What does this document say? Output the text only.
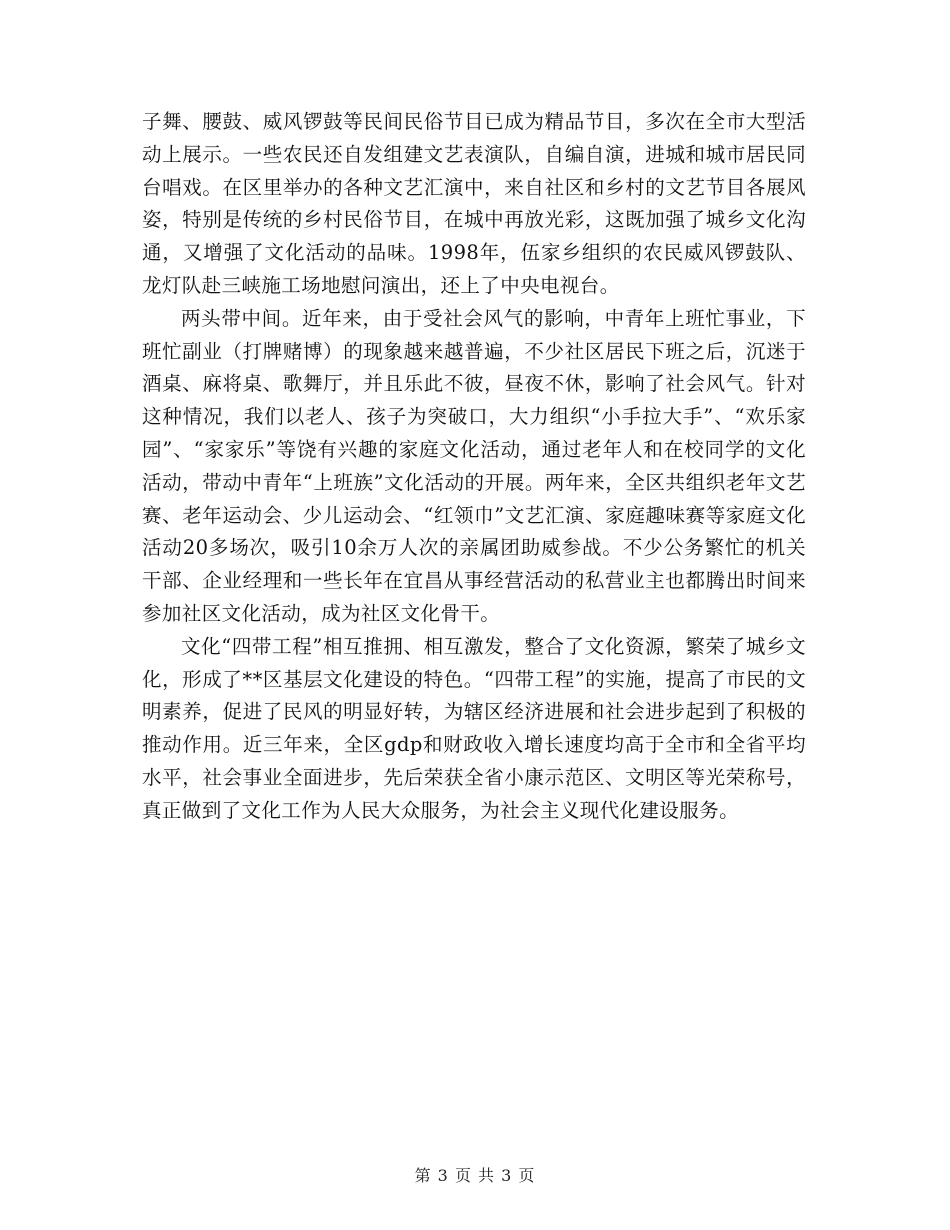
子舞、腰鼓、威风锣鼓等民间民俗节目已成为精品节目，多次在全市大型活动上展示。一些农民还自发组建文艺表演队，自编自演，进城和城市居民同台唱戏。在区里举办的各种文艺汇演中，来自社区和乡村的文艺节目各展风姿，特别是传统的乡村民俗节目，在城中再放光彩，这既加强了城乡文化沟通，又增强了文化活动的品味。1998年，伍家乡组织的农民威风锣鼓队、龙灯队赴三峡施工场地慰问演出，还上了中央电视台。

两头带中间。近年来，由于受社会风气的影响，中青年上班忙事业，下班忙副业（打牌赌博）的现象越来越普遍，不少社区居民下班之后，沉迷于酒桌、麻将桌、歌舞厅，并且乐此不彼，昼夜不休，影响了社会风气。针对这种情况，我们以老人、孩子为突破口，大力组织“小手拉大手”、“欢乐家园”、“家家乐”等饶有兴趣的家庭文化活动，通过老年人和在校同学的文化活动，带动中青年“上班族”文化活动的开展。两年来，全区共组织老年文艺赛、老年运动会、少儿运动会、“红领巾”文艺汇演、家庭趣味赛等家庭文化活动20多场次，吸引10余万人次的亲属团助威参战。不少公务繁忙的机关干部、企业经理和一些长年在宜昌从事经营活动的私营业主也都腾出时间来参加社区文化活动，成为社区文化骨干。

文化“四带工程”相互推拥、相互激发，整合了文化资源，繁荣了城乡文化，形成了**区基层文化建设的特色。“四带工程”的实施，提高了市民的文明素养，促进了民风的明显好转，为辖区经济进展和社会进步起到了积极的推动作用。近三年来，全区gdp和财政收入增长速度均高于全市和全省平均水平，社会事业全面进步，先后荣获全省小康示范区、文明区等光荣称号，真正做到了文化工作为人民大众服务，为社会主义现代化建设服务。

第 3 页 共 3 页
